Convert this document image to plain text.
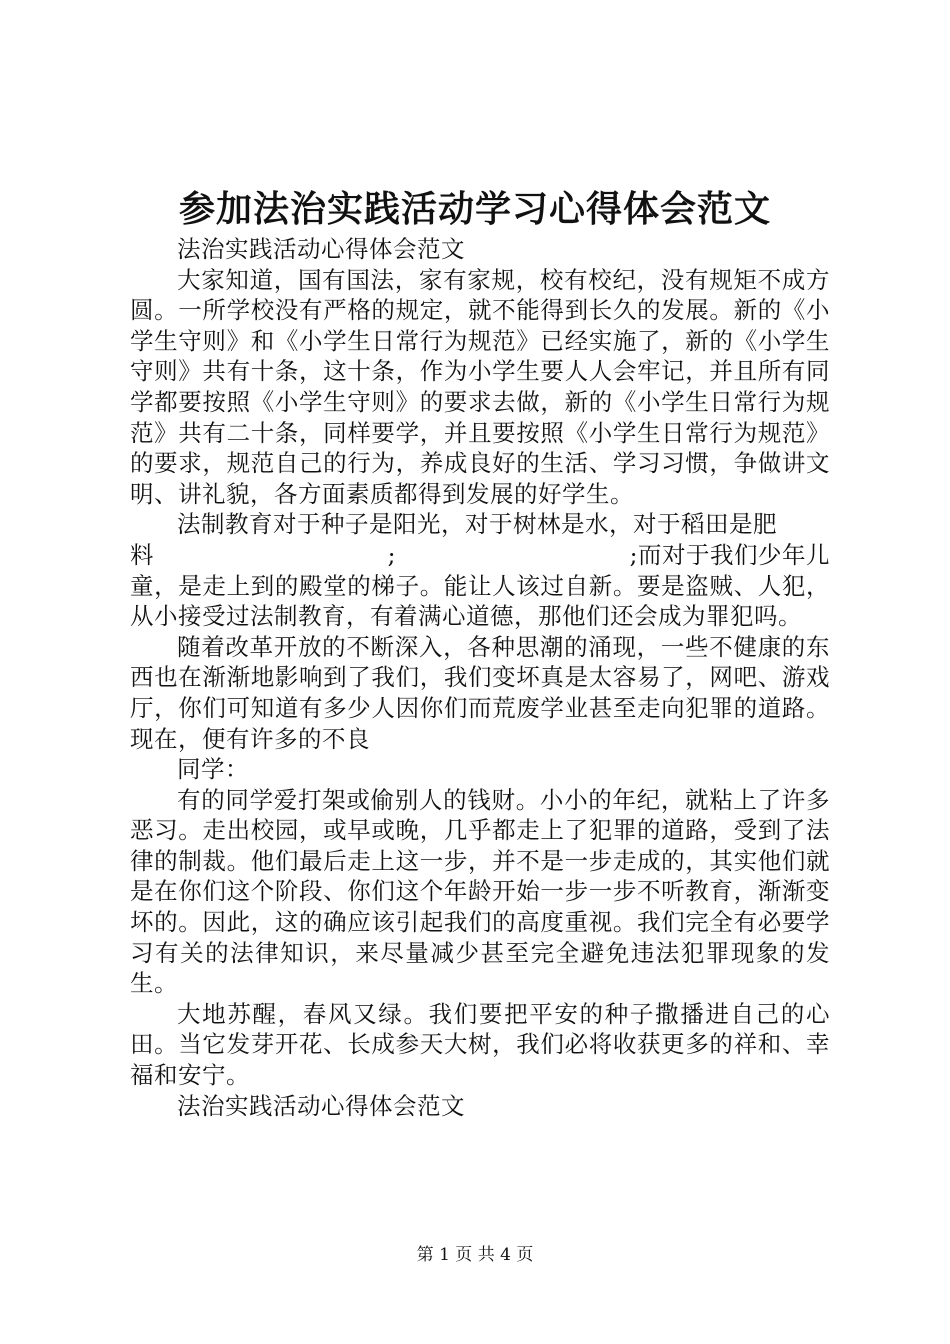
参加法治实践活动学习心得体会范文

法治实践活动心得体会范文

大家知道，国有国法，家有家规，校有校纪，没有规矩不成方圆。一所学校没有严格的规定，就不能得到长久的发展。新的《小学生守则》和《小学生日常行为规范》已经实施了，新的《小学生守则》共有十条，这十条，作为小学生要人人会牢记，并且所有同学都要按照《小学生守则》的要求去做，新的《小学生日常行为规范》共有二十条，同样要学，并且要按照《小学生日常行为规范》的要求，规范自己的行为，养成良好的生活、学习习惯，争做讲文明、讲礼貌，各方面素质都得到发展的好学生。

法制教育对于种子是阳光，对于树林是水，对于稻田是肥

料	;	;而对于我们少年儿

童，是走上到的殿堂的梯子。能让人该过自新。要是盗贼、人犯，从小接受过法制教育，有着满心道德，那他们还会成为罪犯吗。

随着改革开放的不断深入，各种思潮的涌现，一些不健康的东西也在渐渐地影响到了我们，我们变坏真是太容易了，网吧、游戏厅，你们可知道有多少人因你们而荒废学业甚至走向犯罪的道路。现在，便有许多的不良

同学：

有的同学爱打架或偷别人的钱财。小小的年纪，就粘上了许多恶习。走出校园，或早或晚，几乎都走上了犯罪的道路，受到了法律的制裁。他们最后走上这一步，并不是一步走成的，其实他们就是在你们这个阶段、你们这个年龄开始一步一步不听教育，渐渐变坏的。因此，这的确应该引起我们的高度重视。我们完全有必要学习有关的法律知识，来尽量减少甚至完全避免违法犯罪现象的发生。

大地苏醒，春风又绿。我们要把平安的种子撒播进自己的心田。当它发芽开花、长成参天大树，我们必将收获更多的祥和、幸福和安宁。

法治实践活动心得体会范文

第 1 页 共 4 页
